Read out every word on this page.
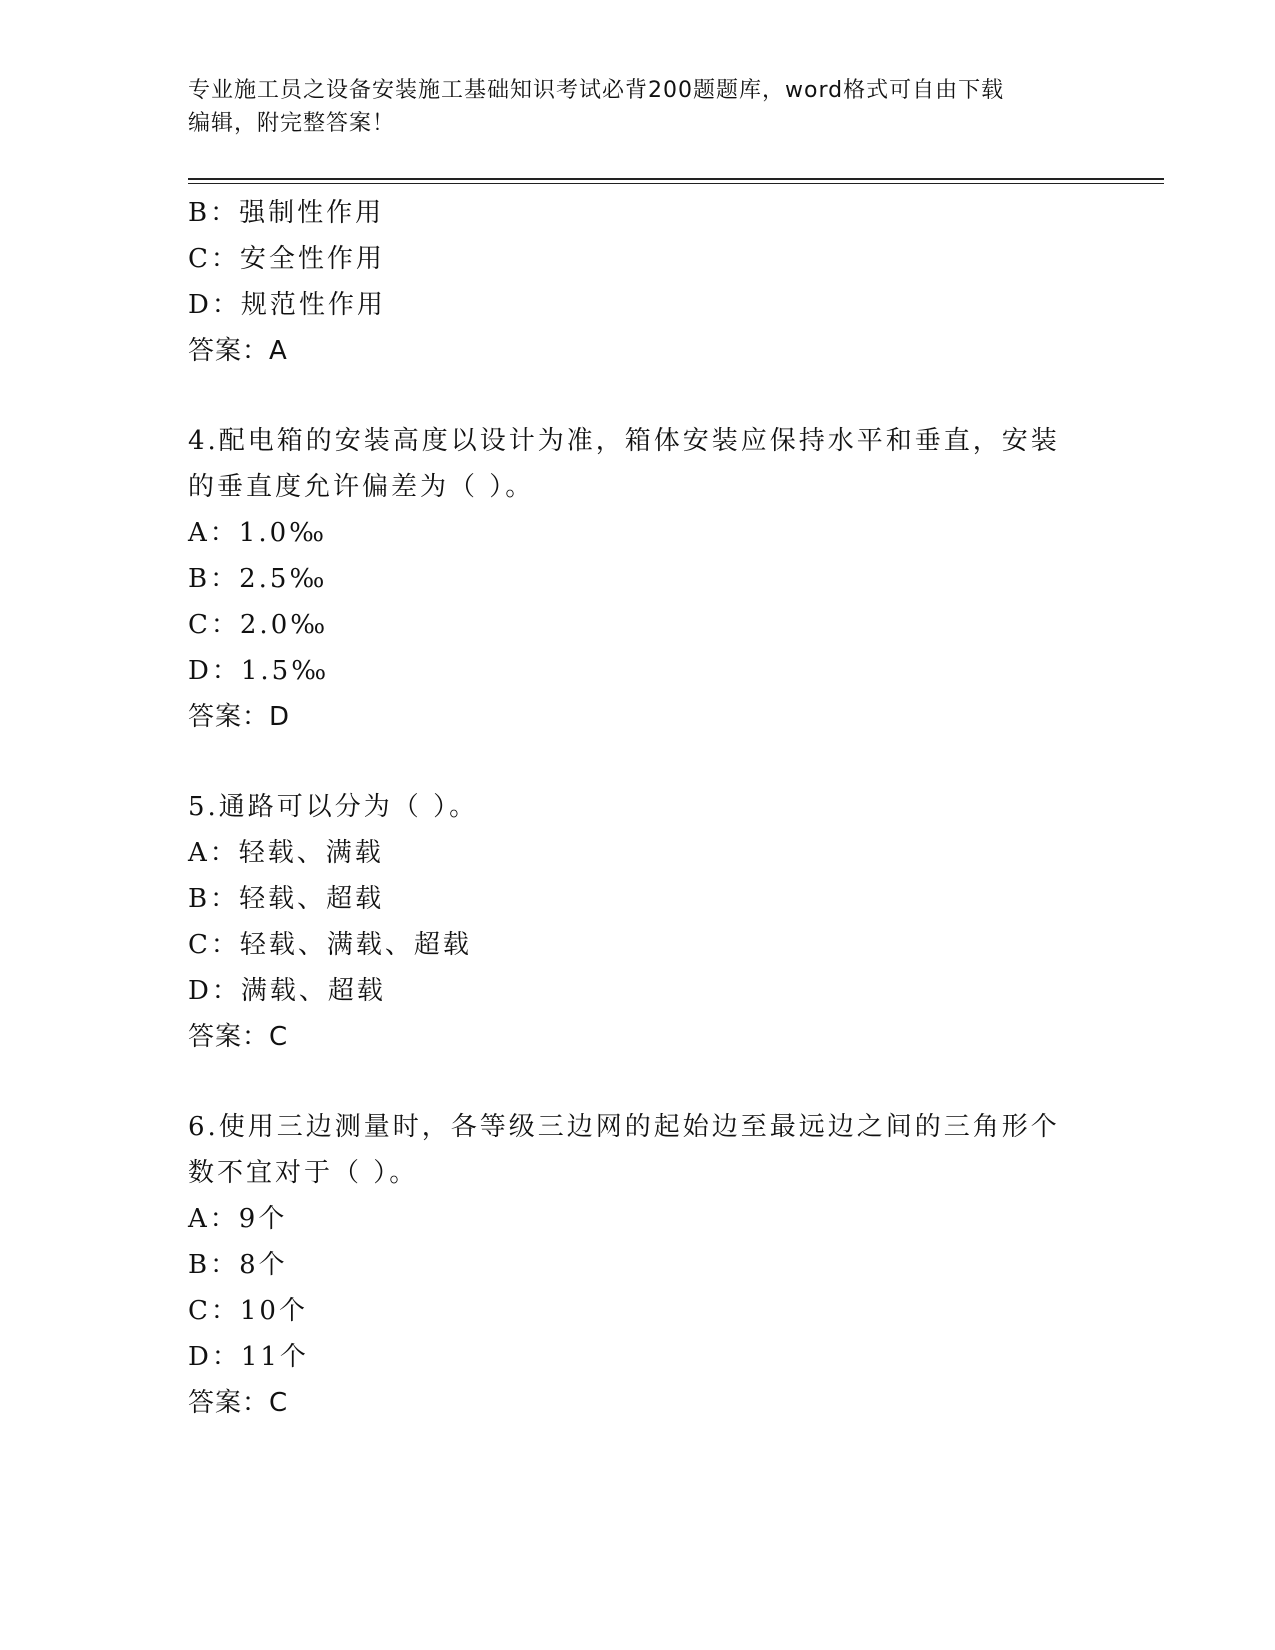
专业施工员之设备安装施工基础知识考试必背200题题库，word格式可自由下载
编辑，附完整答案！
B：强制性作用
C：安全性作用
D：规范性作用
答案：A
4.配电箱的安装高度以设计为准，箱体安装应保持水平和垂直，安装
的垂直度允许偏差为（ ）。
A：1.0‰
B：2.5‰
C：2.0‰
D：1.5‰
答案：D
5.通路可以分为（ ）。
A：轻载、满载
B：轻载、超载
C：轻载、满载、超载
D：满载、超载
答案：C
6.使用三边测量时，各等级三边网的起始边至最远边之间的三角形个
数不宜对于（ ）。
A：9个
B：8个
C：10个
D：11个
答案：C
